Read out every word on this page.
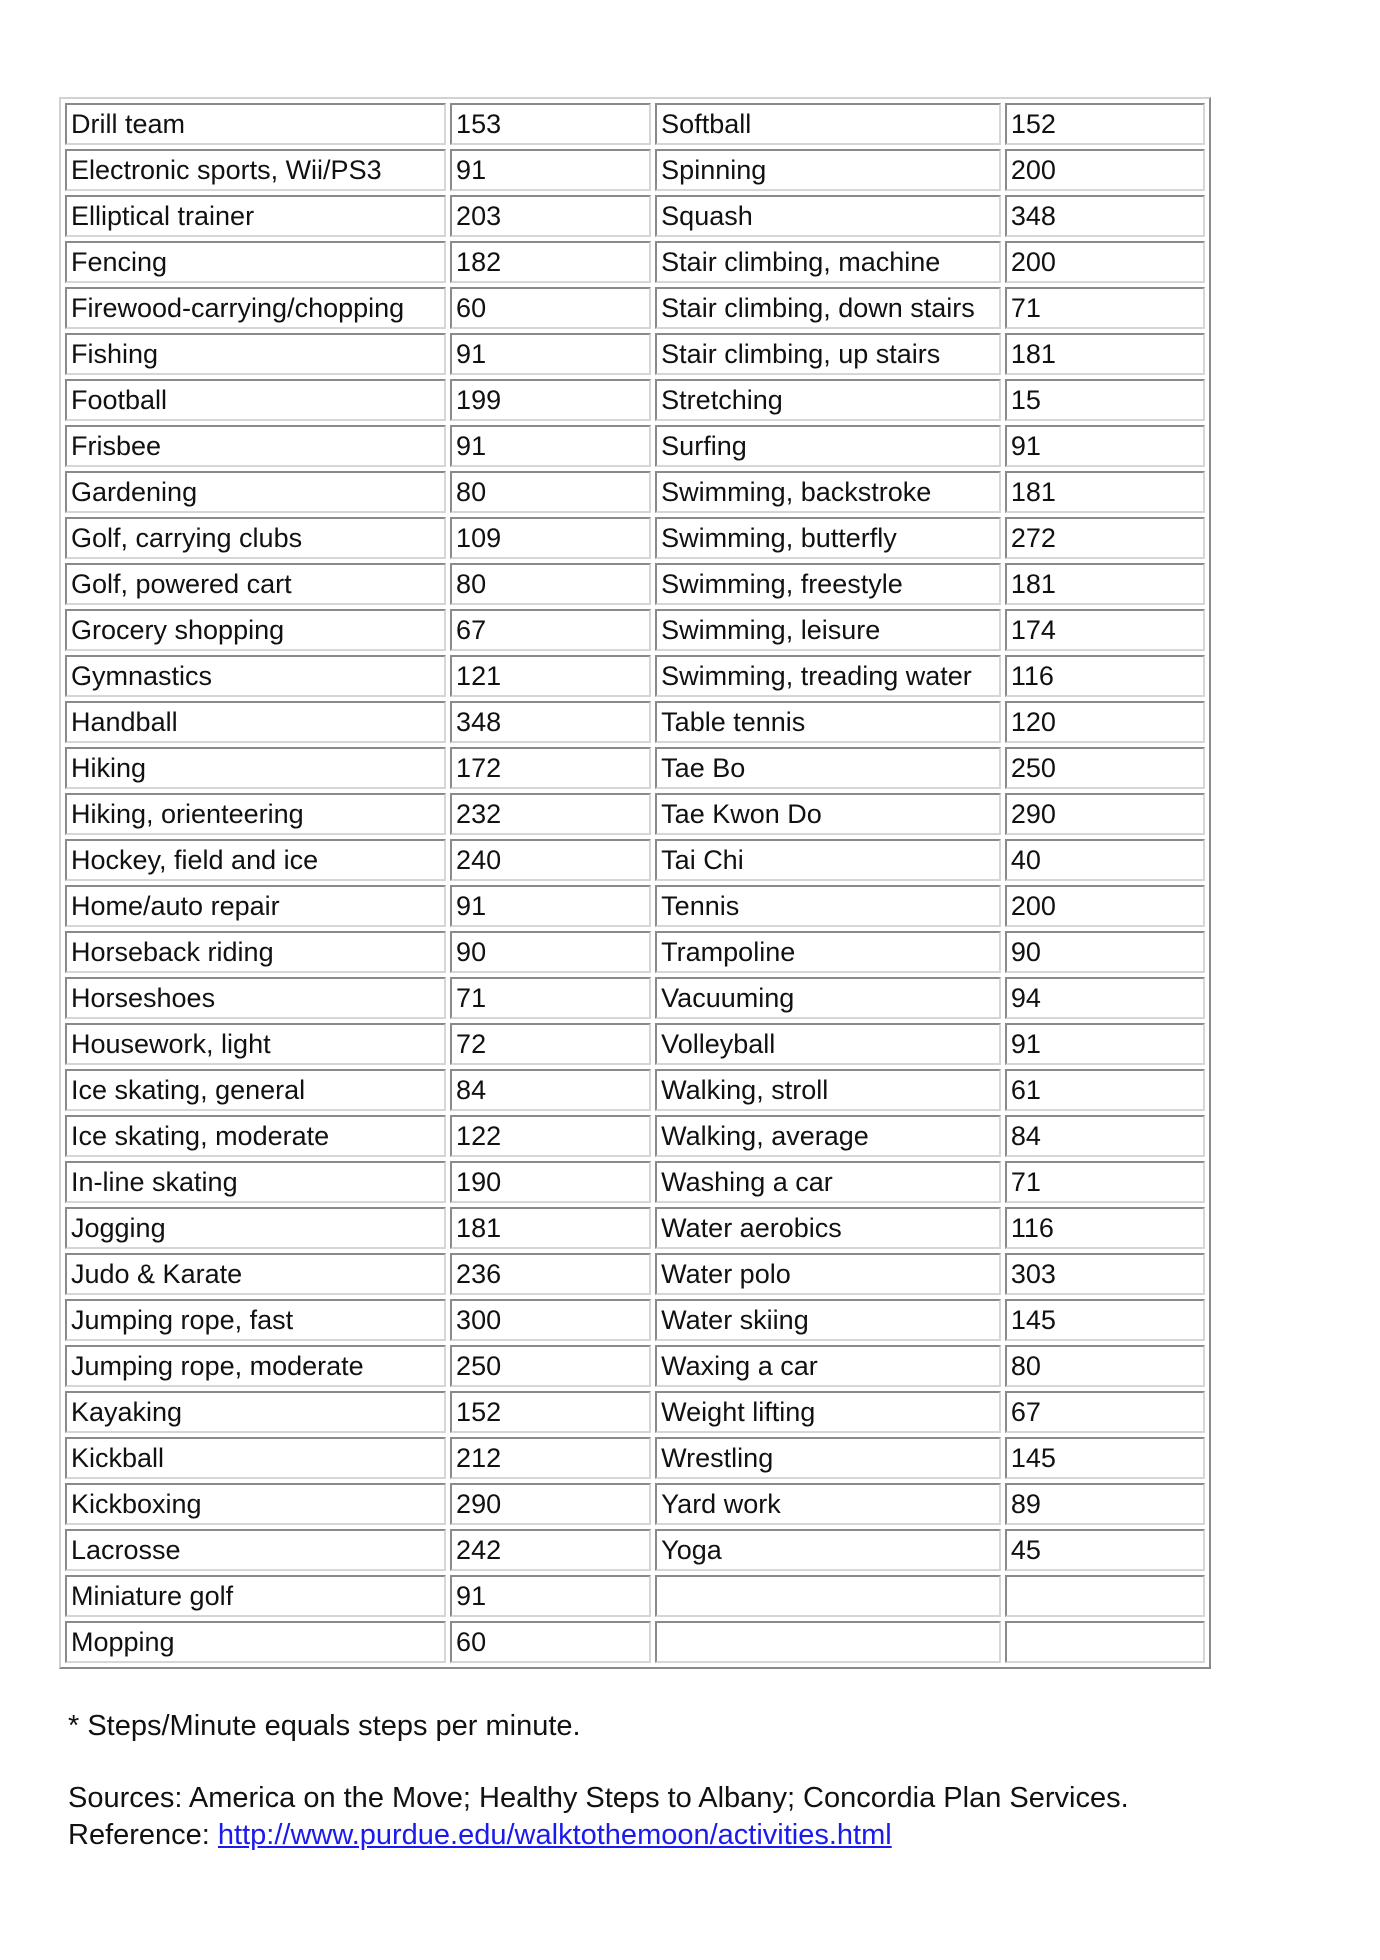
Drill team	153	Softball	152
Electronic sports, Wii/PS3	91	Spinning	200
Elliptical trainer	203	Squash	348
Fencing	182	Stair climbing, machine	200
Firewood-carrying/chopping	60	Stair climbing, down stairs	71
Fishing	91	Stair climbing, up stairs	181
Football	199	Stretching	15
Frisbee	91	Surfing	91
Gardening	80	Swimming, backstroke	181
Golf, carrying clubs	109	Swimming, butterfly	272
Golf, powered cart	80	Swimming, freestyle	181
Grocery shopping	67	Swimming, leisure	174
Gymnastics	121	Swimming, treading water	116
Handball	348	Table tennis	120
Hiking	172	Tae Bo	250
Hiking, orienteering	232	Tae Kwon Do	290
Hockey, field and ice	240	Tai Chi	40
Home/auto repair	91	Tennis	200
Horseback riding	90	Trampoline	90
Horseshoes	71	Vacuuming	94
Housework, light	72	Volleyball	91
Ice skating, general	84	Walking, stroll	61
Ice skating, moderate	122	Walking, average	84
In-line skating	190	Washing a car	71
Jogging	181	Water aerobics	116
Judo & Karate	236	Water polo	303
Jumping rope, fast	300	Water skiing	145
Jumping rope, moderate	250	Waxing a car	80
Kayaking	152	Weight lifting	67
Kickball	212	Wrestling	145
Kickboxing	290	Yard work	89
Lacrosse	242	Yoga	45
Miniature golf	91		
Mopping	60		

* Steps/Minute equals steps per minute.

Sources: America on the Move; Healthy Steps to Albany; Concordia Plan Services.
Reference: http://www.purdue.edu/walktothemoon/activities.html
